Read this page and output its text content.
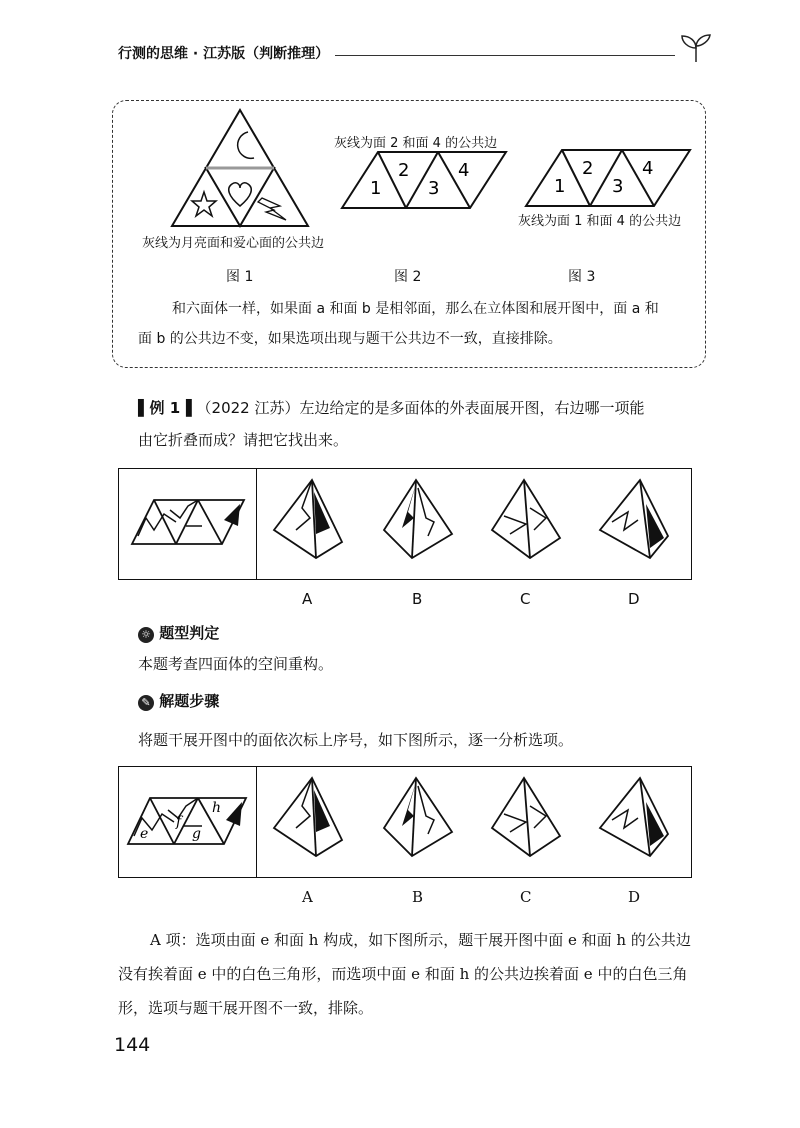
行测的思维 · 江苏版（判断推理）
灰线为月亮面和爱心面的公共边
图 1
灰线为面 2 和面 4 的公共边
1
2
3
4
图 2
1
2
3
4
灰线为面 1 和面 4 的公共边
图 3
和六面体一样，如果面 a 和面 b 是相邻面，那么在立体图和展开图中，面 a 和
面 b 的公共边不变，如果选项出现与题干公共边不一致，直接排除。
▌例 1▐ （2022 江苏）左边给定的是多面体的外表面展开图，右边哪一项能
由它折叠而成？请把它找出来。
A	B	C	D
☼ 题型判定
本题考查四面体的空间重构。
✎ 解题步骤
将题干展开图中的面依次标上序号，如下图所示，逐一分析选项。
e
f
g
h
A	B	C	D
A 项：选项由面 e 和面 h 构成，如下图所示，题干展开图中面 e 和面 h 的公共边
没有挨着面 e 中的白色三角形，而选项中面 e 和面 h 的公共边挨着面 e 中的白色三角
形，选项与题干展开图不一致，排除。
144
